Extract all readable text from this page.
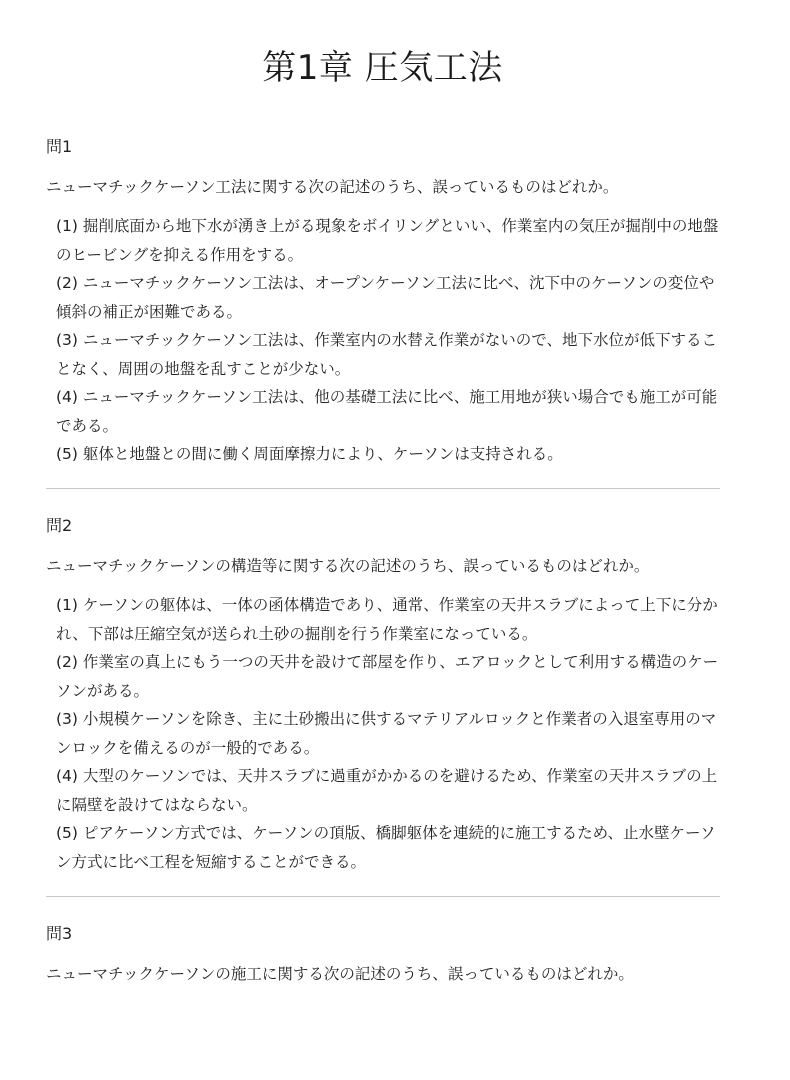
第1章 圧気工法

問1

ニューマチックケーソン工法に関する次の記述のうち、誤っているものはどれか。

(1) 掘削底面から地下水が湧き上がる現象をボイリングといい、作業室内の気圧が掘削中の地盤のヒービングを抑える作用をする。
(2) ニューマチックケーソン工法は、オープンケーソン工法に比べ、沈下中のケーソンの変位や傾斜の補正が困難である。
(3) ニューマチックケーソン工法は、作業室内の水替え作業がないので、地下水位が低下することなく、周囲の地盤を乱すことが少ない。
(4) ニューマチックケーソン工法は、他の基礎工法に比べ、施工用地が狭い場合でも施工が可能である。
(5) 躯体と地盤との間に働く周面摩擦力により、ケーソンは支持される。

問2

ニューマチックケーソンの構造等に関する次の記述のうち、誤っているものはどれか。

(1) ケーソンの躯体は、一体の函体構造であり、通常、作業室の天井スラブによって上下に分かれ、下部は圧縮空気が送られ土砂の掘削を行う作業室になっている。
(2) 作業室の真上にもう一つの天井を設けて部屋を作り、エアロックとして利用する構造のケーソンがある。
(3) 小規模ケーソンを除き、主に土砂搬出に供するマテリアルロックと作業者の入退室専用のマンロックを備えるのが一般的である。
(4) 大型のケーソンでは、天井スラブに過重がかかるのを避けるため、作業室の天井スラブの上に隔壁を設けてはならない。
(5) ピアケーソン方式では、ケーソンの頂版、橋脚躯体を連続的に施工するため、止水壁ケーソン方式に比べ工程を短縮することができる。

問3

ニューマチックケーソンの施工に関する次の記述のうち、誤っているものはどれか。
